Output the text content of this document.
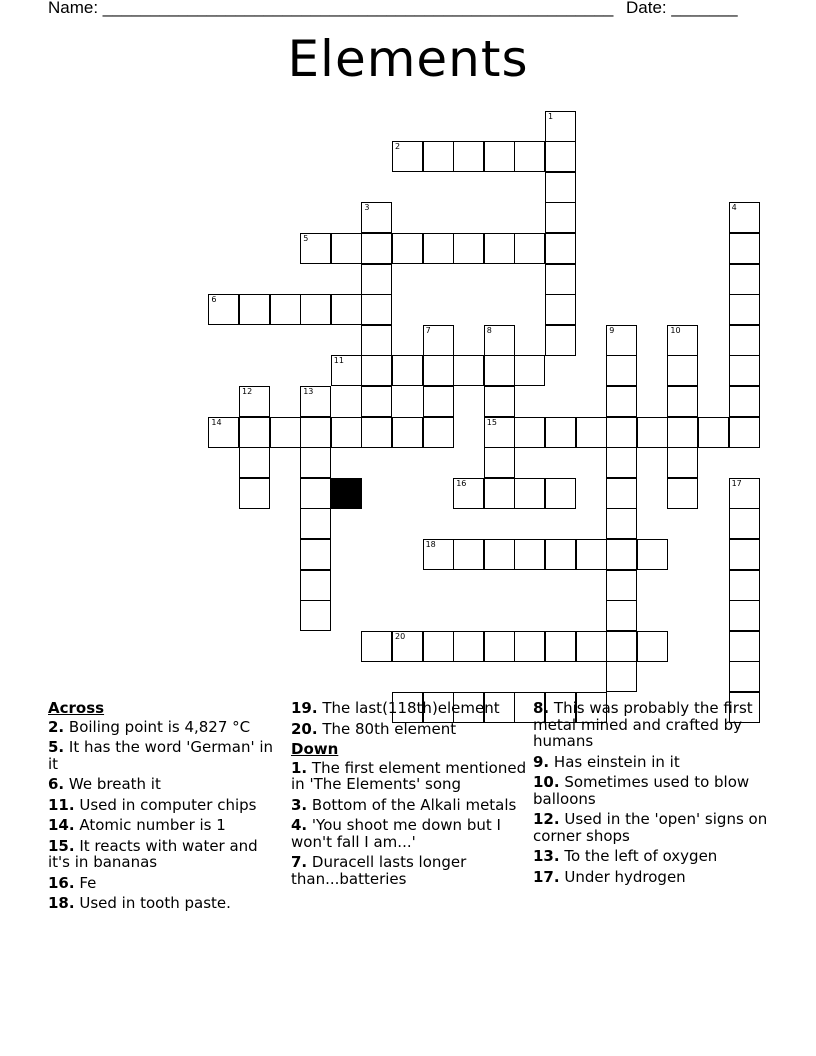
Name: ______________________________________________________ Date: _______
Elements
1
2
3	4
5
6
7	8	9	10
11
12	13
14	15
16	17
18
20
Across
2. Boiling point is 4,827 °C
5. It has the word 'German' in it
6. We breath it
11. Used in computer chips
14. Atomic number is 1
15. It reacts with water and it's in bananas
16. Fe
18. Used in tooth paste.
19. The last(118th)element
20. The 80th element
Down
1. The first element mentioned in 'The Elements' song
3. Bottom of the Alkali metals
4. 'You shoot me down but I won't fall I am...'
7. Duracell lasts longer than...batteries
8. This was probably the first metal mined and crafted by humans
9. Has einstein in it
10. Sometimes used to blow balloons
12. Used in the 'open' signs on corner shops
13. To the left of oxygen
17. Under hydrogen
